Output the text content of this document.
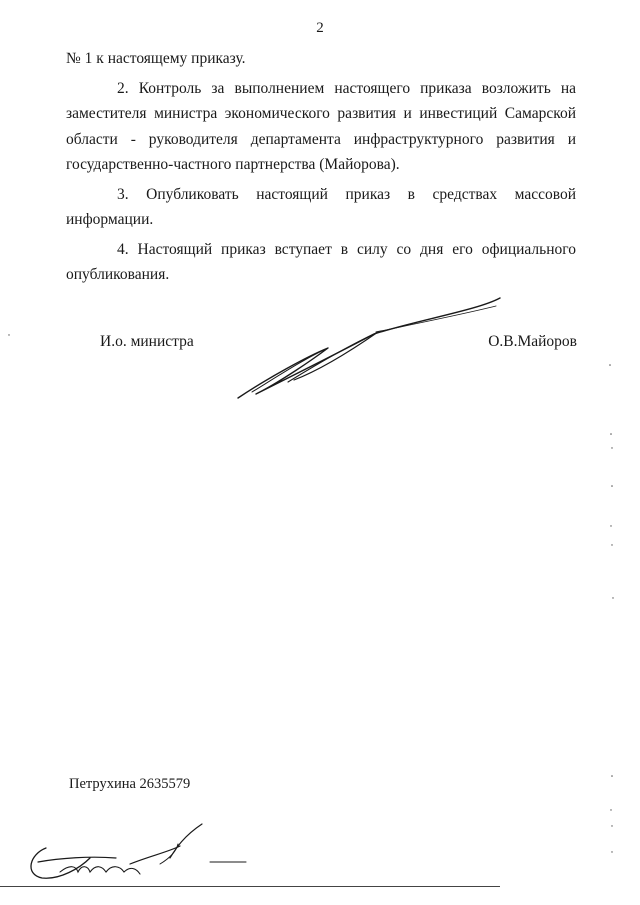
2

№ 1 к настоящему приказу.

2. Контроль за выполнением настоящего приказа возложить на заместителя министра экономического развития и инвестиций Самарской области - руководителя департамента инфраструктурного развития и государственно-частного партнерства (Майорова).

3. Опубликовать настоящий приказ в средствах массовой информации.

4. Настоящий приказ вступает в силу со дня его официального опубликования.

И.о. министра	О.В.Майоров
Петрухина 2635579
